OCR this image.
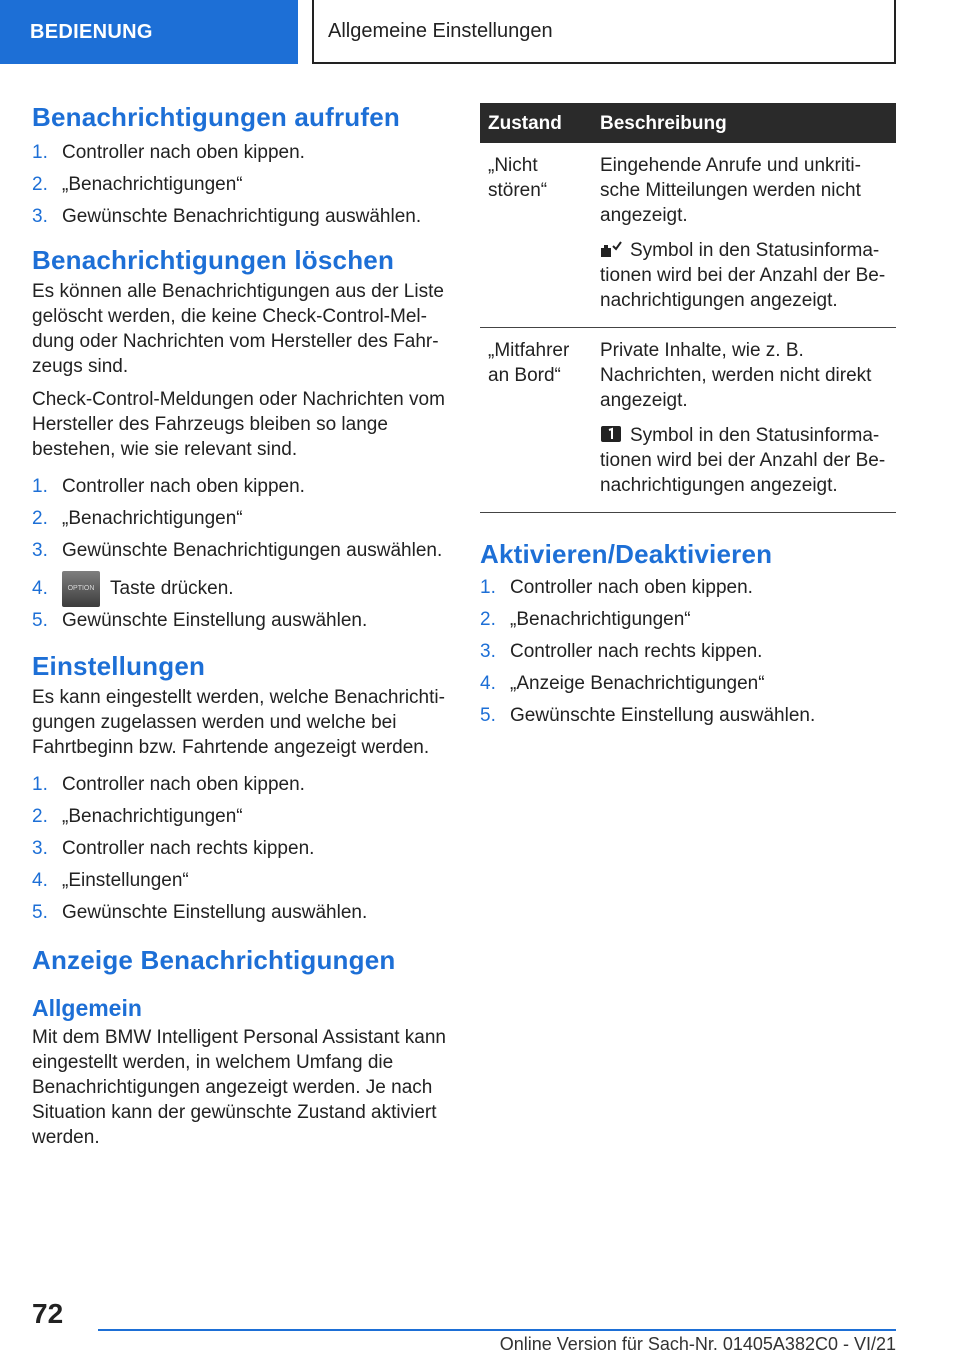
BEDIENUNG	Allgemeine Einstellungen
Benachrichtigungen aufrufen
1. Controller nach oben kippen.
2. „Benachrichtigungen“
3. Gewünschte Benachrichtigung auswählen.
Benachrichtigungen löschen

Es können alle Benachrichtigungen aus der Liste gelöscht werden, die keine Check-Control-Meldung oder Nachrichten vom Hersteller des Fahrzeugs sind.

Check-Control-Meldungen oder Nachrichten vom Hersteller des Fahrzeugs bleiben so lange bestehen, wie sie relevant sind.

1. Controller nach oben kippen.
2. „Benachrichtigungen“
3. Gewünschte Benachrichtigungen auswählen.
4.	OPTION Taste drücken.
5. Gewünschte Einstellung auswählen.
Einstellungen

Es kann eingestellt werden, welche Benachrichtigungen zugelassen werden und welche bei Fahrtbeginn bzw. Fahrtende angezeigt werden.

1. Controller nach oben kippen.
2. „Benachrichtigungen“
3. Controller nach rechts kippen.
4. „Einstellungen“
5. Gewünschte Einstellung auswählen.
Anzeige Benachrichtigungen
Allgemein

Mit dem BMW Intelligent Personal Assistant kann eingestellt werden, in welchem Umfang die Benachrichtigungen angezeigt werden. Je nach Situation kann der gewünschte Zustand aktiviert werden.

Zustand	Beschreibung
„Nicht stören“	Eingehende Anrufe und unkritische Mitteilungen werden nicht angezeigt.

Symbol in den Statusinformationen wird bei der Anzahl der Benachrichtigungen angezeigt.

„Mitfahrer an Bord“	Private Inhalte, wie z. B. Nachrichten, werden nicht direkt angezeigt.

Symbol in den Statusinformationen wird bei der Anzahl der Benachrichtigungen angezeigt.

Aktivieren/Deaktivieren
1. Controller nach oben kippen.
2. „Benachrichtigungen“
3. Controller nach rechts kippen.
4. „Anzeige Benachrichtigungen“
5. Gewünschte Einstellung auswählen.
72
Online Version für Sach-Nr. 01405A382C0 - VI/21
